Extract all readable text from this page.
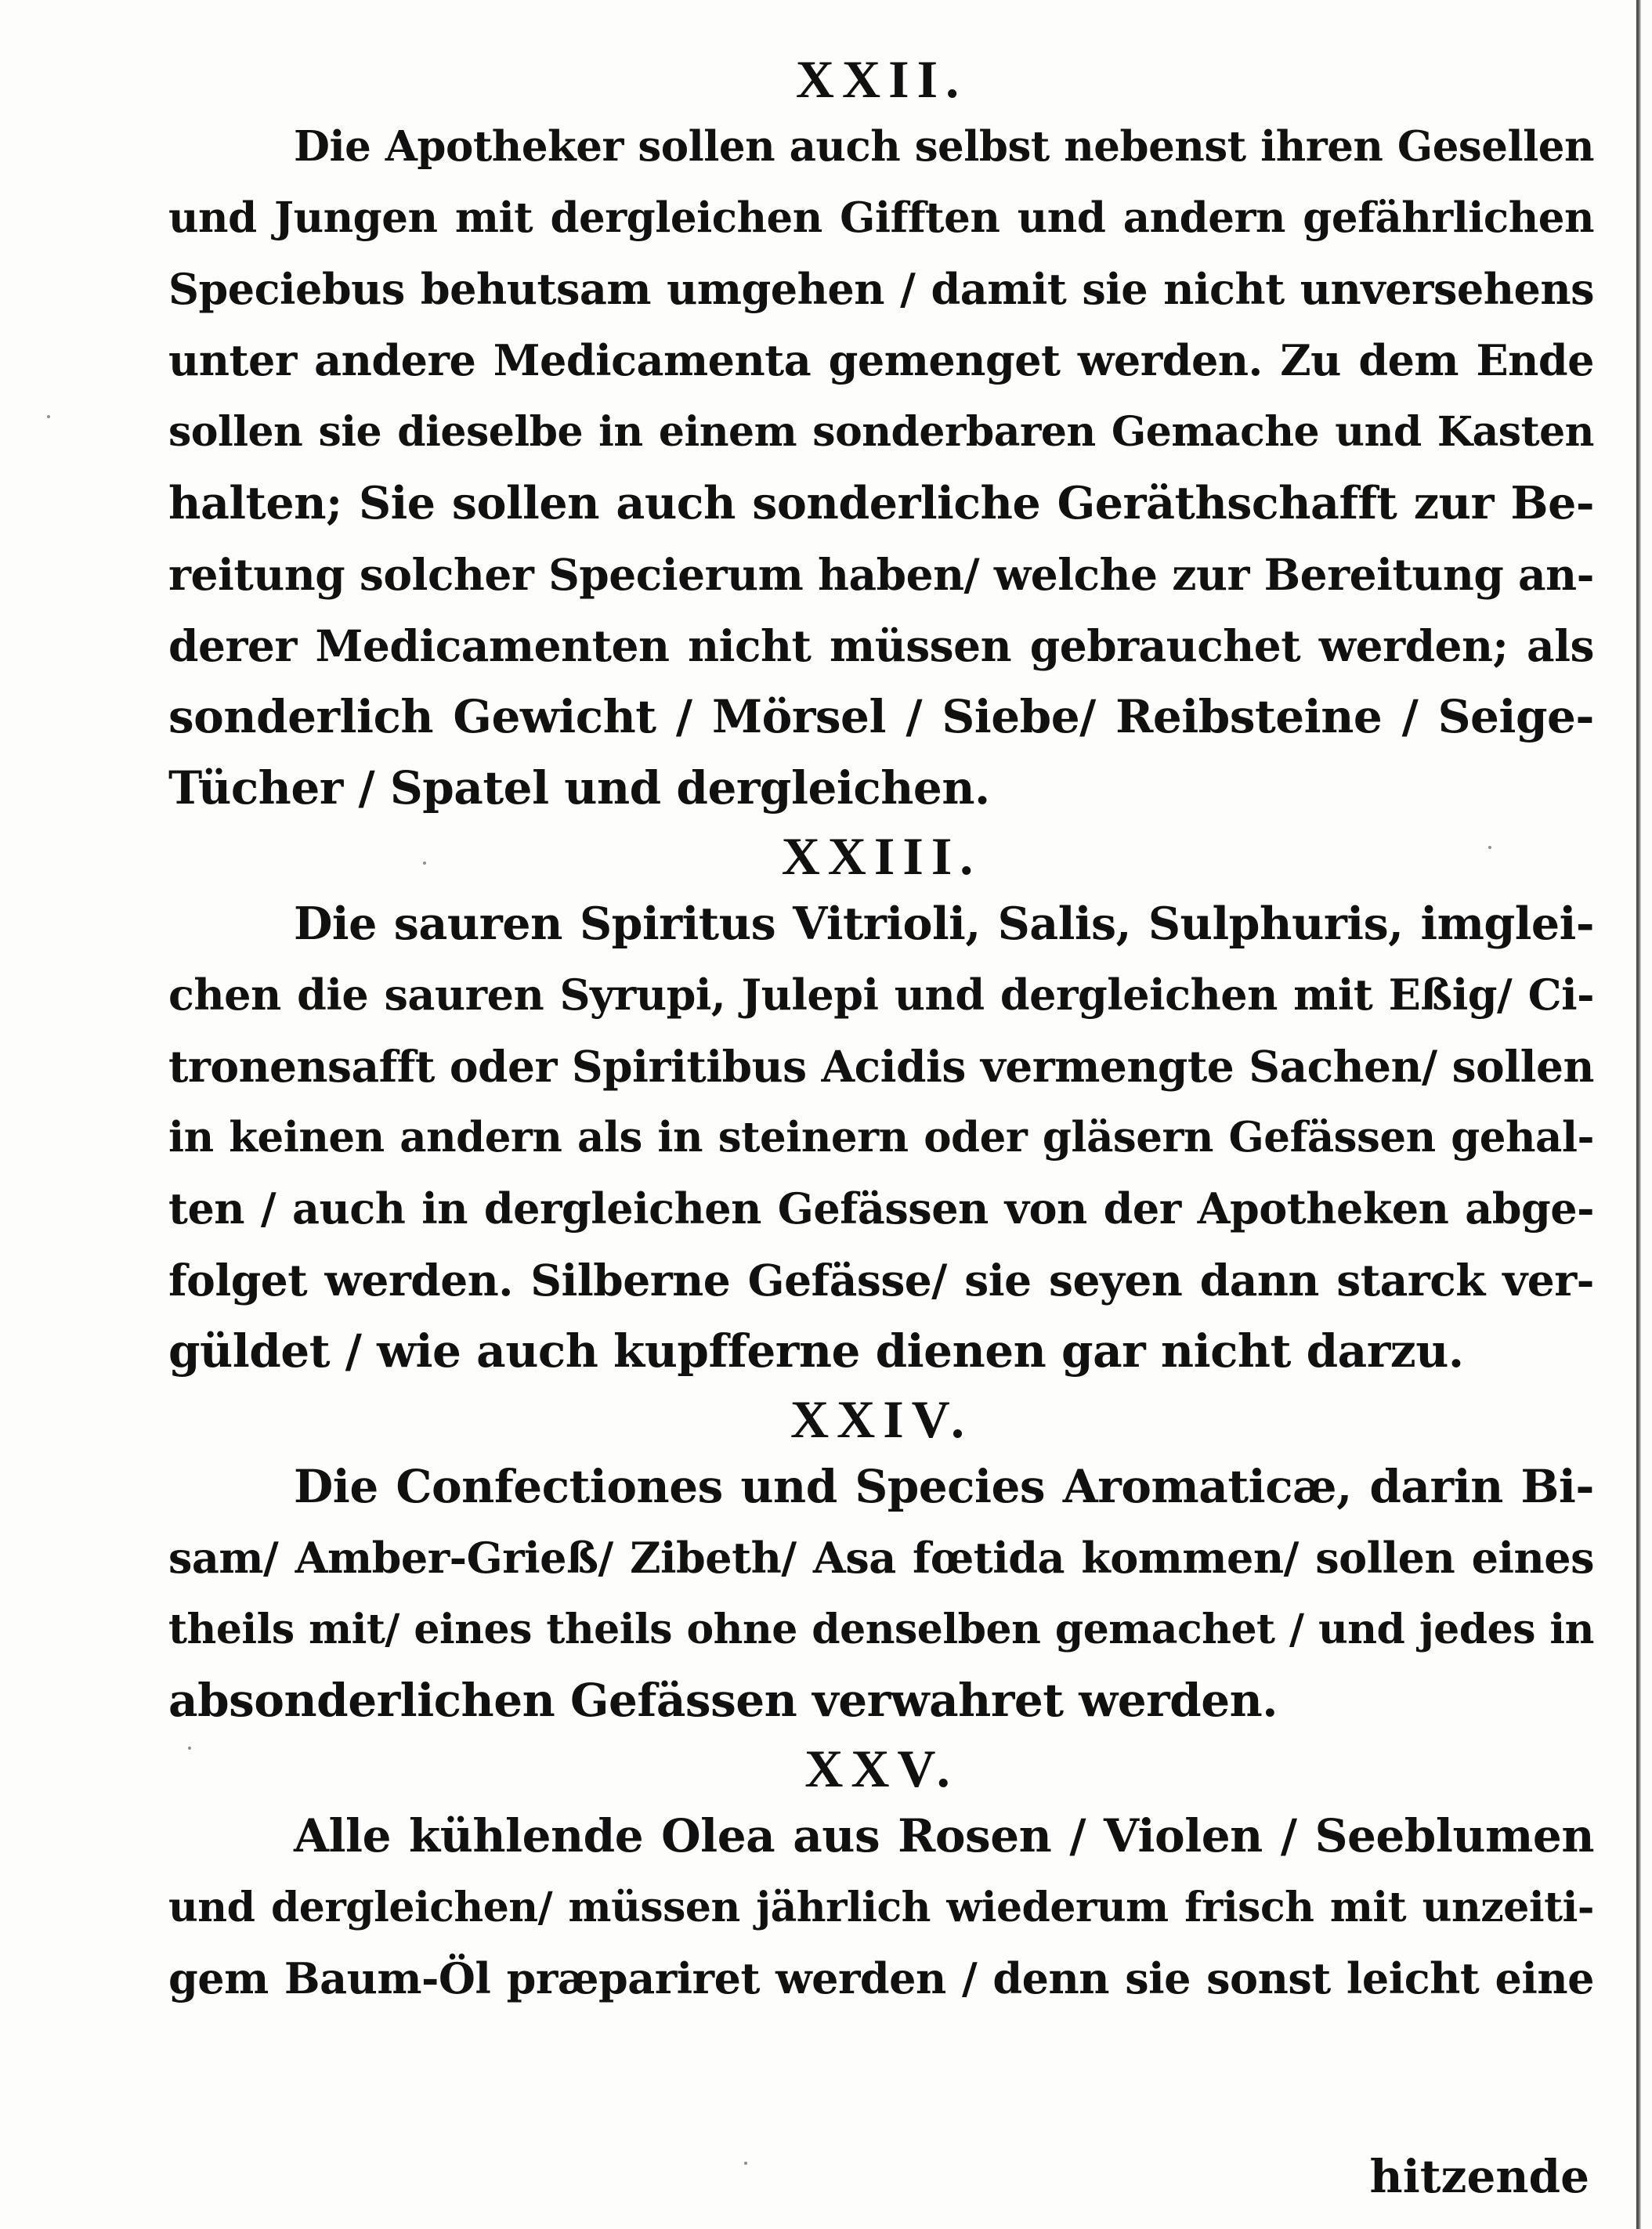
XXII.

Die Apotheker sollen auch selbst nebenst ihren Gesellen
und Jungen mit dergleichen Gifften und andern gefährlichen
Speciebus behutsam umgehen / damit sie nicht unversehens
unter andere Medicamenta gemenget werden. Zu dem Ende
sollen sie dieselbe in einem sonderbaren Gemache und Kasten
halten; Sie sollen auch sonderliche Geräthschafft zur Be-
reitung solcher Specierum haben/ welche zur Bereitung an-
derer Medicamenten nicht müssen gebrauchet werden; als
sonderlich Gewicht / Mörsel / Siebe/ Reibsteine / Seige-
Tücher / Spatel und dergleichen.

XXIII.

Die sauren Spiritus Vitrioli, Salis, Sulphuris, imglei-
chen die sauren Syrupi, Julepi und dergleichen mit Eßig/ Ci-
tronensafft oder Spiritibus Acidis vermengte Sachen/ sollen
in keinen andern als in steinern oder gläsern Gefässen gehal-
ten / auch in dergleichen Gefässen von der Apotheken abge-
folget werden. Silberne Gefässe/ sie seyen dann starck ver-
güldet / wie auch kupfferne dienen gar nicht darzu.

XXIV.

Die Confectiones und Species Aromaticæ, darin Bi-
sam/ Amber-Grieß/ Zibeth/ Asa fœtida kommen/ sollen eines
theils mit/ eines theils ohne denselben gemachet / und jedes in
absonderlichen Gefässen verwahret werden.

XXV.

Alle kühlende Olea aus Rosen / Violen / Seeblumen
und dergleichen/ müssen jährlich wiederum frisch mit unzeiti-
gem Baum-Öl præpariret werden / denn sie sonst leicht eine

hitzende
